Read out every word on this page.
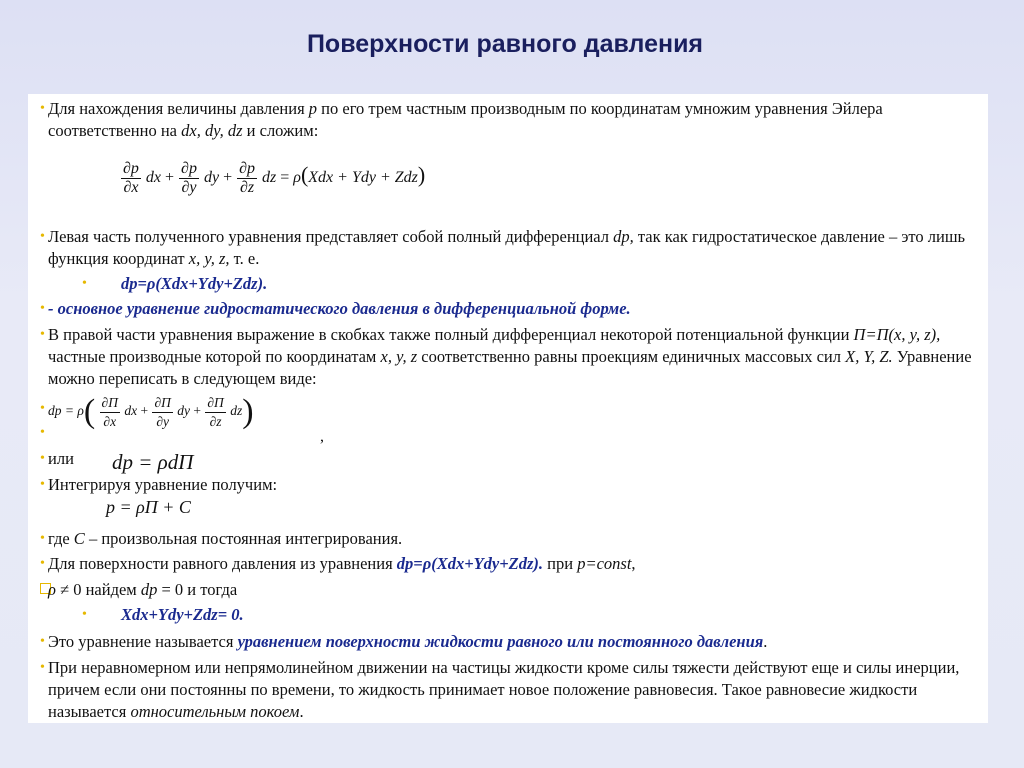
Поверхности равного давления
• Для нахождения величины давления p по его трем частным производным по координатам умножим уравнения Эйлера соответственно на dx, dy, dz и сложим:
$\frac{\partial p}{\partial x}$ dx + $\frac{\partial p}{\partial y}$ dy + $\frac{\partial p}{\partial z}$ dz = ρ(Xdx + Ydy + Zdz)
• Левая часть полученного уравнения представляет собой полный дифференциал dp, так как гидростатическое давление – это лишь функция координат x, y, z, т. е.
• dp=ρ(Xdx+Ydy+Zdz).
• - основное уравнение гидростатического давления в дифференциальной форме.
• В правой части уравнения выражение в скобках также полный дифференциал некоторой потенциальной функции П=П(x, y, z), частные производные которой по координатам x, y, z соответственно равны проекциям единичных массовых сил X, Y, Z. Уравнение можно переписать в следующем виде:
•
•
dp = $\rho( \frac{\partial П}{\partial x}$ dx + $\frac{\partial П}{\partial y}$ dy + $\frac{\partial П}{\partial z} dz$)
,
• или	dp = ρdП
• Интегрируя уравнение получим:
p = ρП + C
• где C – произвольная постоянная интегрирования.
• Для поверхности равного давления из уравнения dp=ρ(Xdx+Ydy+Zdz). при p=const,
ρ ≠ 0 найдем dp = 0 и тогда
• Xdx+Ydy+Zdz= 0.
• Это уравнение называется уравнением поверхности жидкости равного или постоянного давления.
• При неравномерном или непрямолинейном движении на частицы жидкости кроме силы тяжести действуют еще и силы инерции, причем если они постоянны по времени, то жидкость принимает новое положение равновесия. Такое равновесие жидкости называется относительным покоем.
